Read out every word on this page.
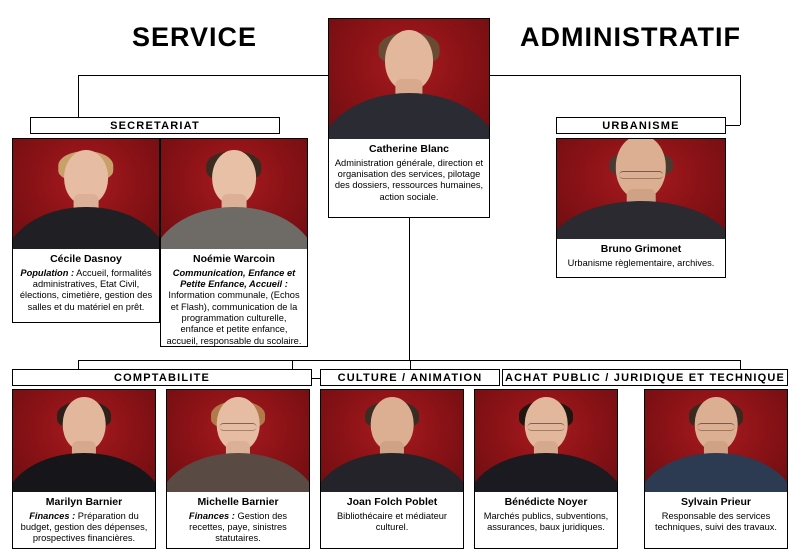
SERVICE	ADMINISTRATIF
SECRETARIAT	URBANISME
COMPTABILITE	CULTURE / ANIMATION	ACHAT PUBLIC / JURIDIQUE ET TECHNIQUE
Catherine Blanc
Administration générale, direction et organisation des services, pilotage des dossiers, ressources humaines, action sociale.
Cécile Dasnoy
Population : Accueil, formalités administratives, Etat Civil, élections, cimetière, gestion des salles et du matériel en prêt.
Noémie Warcoin
Communication, Enfance et Petite Enfance, Accueil : Information communale, (Echos et Flash), communication de la programmation culturelle, enfance et petite enfance, accueil, responsable du scolaire.
Bruno Grimonet
Urbanisme règlementaire, archives.
Marilyn Barnier
Finances : Préparation du budget, gestion des dépenses, prospectives financières.
Michelle Barnier
Finances : Gestion des recettes, paye, sinistres statutaires.
Joan Folch Poblet
Bibliothécaire et médiateur culturel.
Bénédicte Noyer
Marchés publics, subventions, assurances, baux juridiques.
Sylvain Prieur
Responsable des services techniques, suivi des travaux.
